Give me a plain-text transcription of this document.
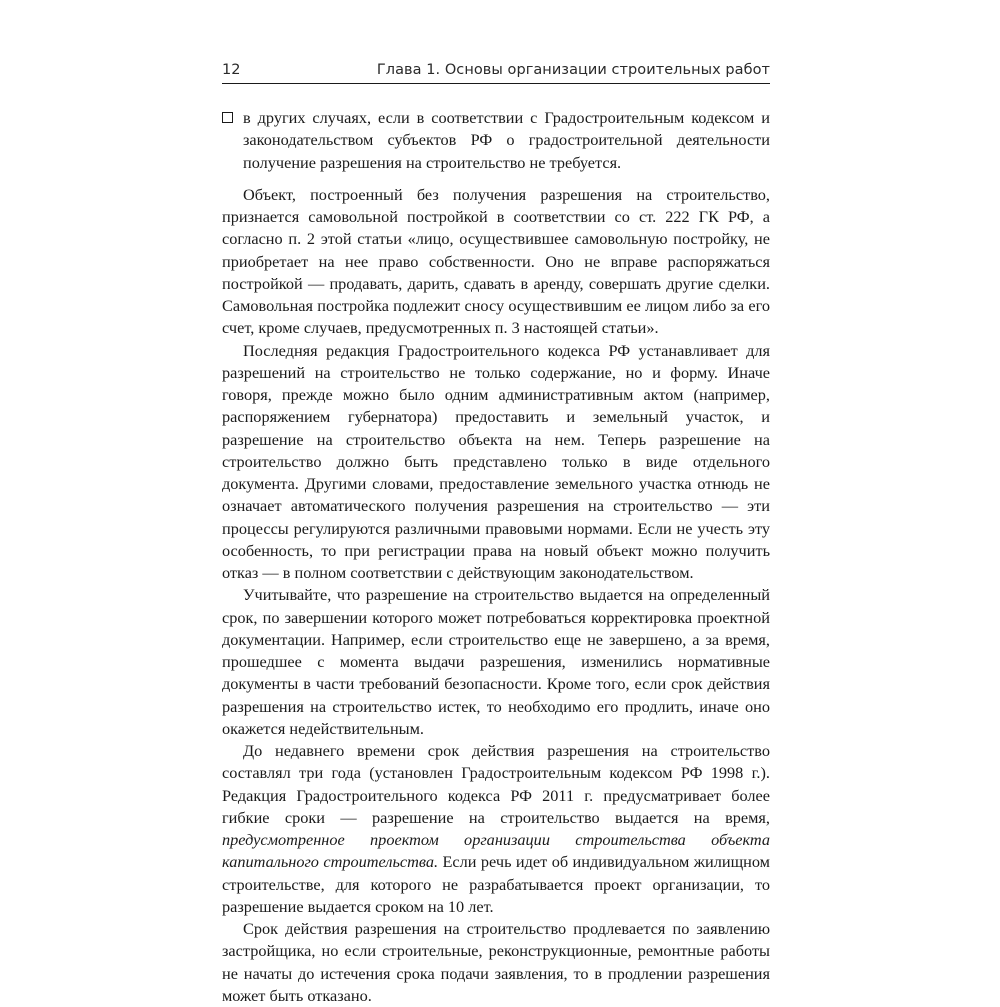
12	Глава 1. Основы организации строительных работ
в других случаях, если в соответствии с Градостроительным кодексом и законодательством субъектов РФ о градостроительной деятельности получение разрешения на строительство не требуется.

Объект, построенный без получения разрешения на строительство, признается самовольной постройкой в соответствии со ст. 222 ГК РФ, а согласно п. 2 этой статьи «лицо, осуществившее самовольную постройку, не приобретает на нее право собственности. Оно не вправе распоряжаться постройкой — продавать, дарить, сдавать в аренду, совершать другие сделки. Самовольная постройка подлежит сносу осуществившим ее лицом либо за его счет, кроме случаев, предусмотренных п. 3 настоящей статьи».

Последняя редакция Градостроительного кодекса РФ устанавливает для разрешений на строительство не только содержание, но и форму. Иначе говоря, прежде можно было одним административным актом (например, распоряжением губернатора) предоставить и земельный участок, и разрешение на строительство объекта на нем. Теперь разрешение на строительство должно быть представлено только в виде отдельного документа. Другими словами, предоставление земельного участка отнюдь не означает автоматического получения разрешения на строительство — эти процессы регулируются различными правовыми нормами. Если не учесть эту особенность, то при регистрации права на новый объект можно получить отказ — в полном соответствии с действующим законодательством.

Учитывайте, что разрешение на строительство выдается на определенный срок, по завершении которого может потребоваться корректировка проектной документации. Например, если строительство еще не завершено, а за время, прошедшее с момента выдачи разрешения, изменились нормативные документы в части требований безопасности. Кроме того, если срок действия разрешения на строительство истек, то необходимо его продлить, иначе оно окажется недействительным.

До недавнего времени срок действия разрешения на строительство составлял три года (установлен Градостроительным кодексом РФ 1998 г.). Редакция Градостроительного кодекса РФ 2011 г. предусматривает более гибкие сроки — разрешение на строительство выдается на время, предусмотренное проектом организации строительства объекта капитального строительства. Если речь идет об индивидуальном жилищном строительстве, для которого не разрабатывается проект организации, то разрешение выдается сроком на 10 лет.

Срок действия разрешения на строительство продлевается по заявлению застройщика, но если строительные, реконструкционные, ремонтные работы не начаты до истечения срока подачи заявления, то в продлении разрешения может быть отказано.
